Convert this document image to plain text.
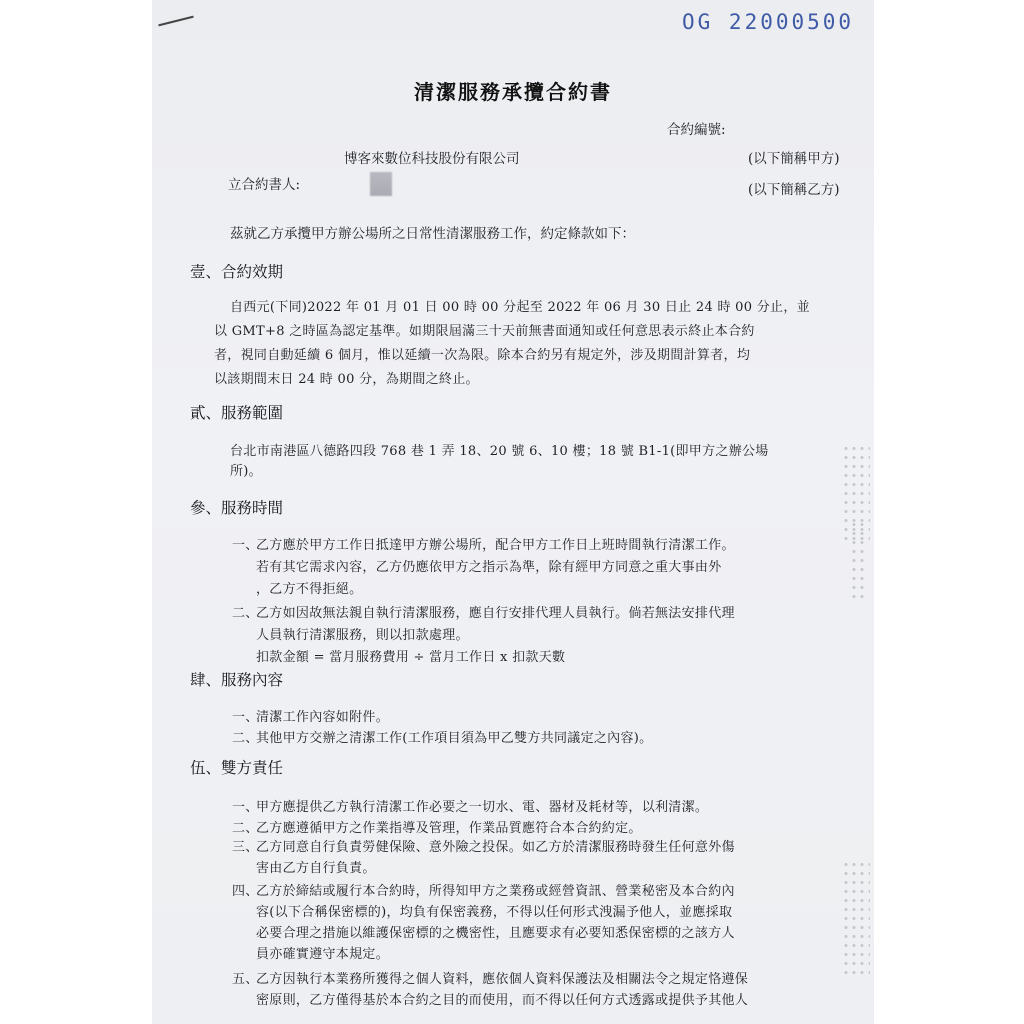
OG 22000500
清潔服務承攬合約書
合約編號:
博客來數位科技股份有限公司	(以下簡稱甲方)
立合約書人:	(以下簡稱乙方)
茲就乙方承攬甲方辦公場所之日常性清潔服務工作，約定條款如下：
壹、合約效期
自西元(下同)2022 年 01 月 01 日 00 時 00 分起至 2022 年 06 月 30 日止 24 時 00 分止，並
以 GMT+8 之時區為認定基準。如期限屆滿三十天前無書面通知或任何意思表示終止本合約
者，視同自動延續 6 個月，惟以延續一次為限。除本合約另有規定外，涉及期間計算者，均
以該期間末日 24 時 00 分，為期間之終止。
貳、服務範圍
台北市南港區八德路四段 768 巷 1 弄 18、20 號 6、10 樓；18 號 B1-1(即甲方之辦公場
所)。
參、服務時間
一、
乙方應於甲方工作日抵達甲方辦公場所，配合甲方工作日上班時間執行清潔工作。
若有其它需求內容，乙方仍應依甲方之指示為準，除有經甲方同意之重大事由外
，乙方不得拒絕。
二、
乙方如因故無法親自執行清潔服務，應自行安排代理人員執行。倘若無法安排代理
人員執行清潔服務，則以扣款處理。
扣款金額 = 當月服務費用 ÷ 當月工作日 x 扣款天數
肆、服務內容
一、
清潔工作內容如附件。
二、
其他甲方交辦之清潔工作(工作項目須為甲乙雙方共同議定之內容)。
伍、雙方責任
一、
甲方應提供乙方執行清潔工作必要之一切水、電、器材及耗材等，以利清潔。
二、
乙方應遵循甲方之作業指導及管理，作業品質應符合本合約約定。
三、
乙方同意自行負責勞健保險、意外險之投保。如乙方於清潔服務時發生任何意外傷
害由乙方自行負責。
四、
乙方於締結或履行本合約時，所得知甲方之業務或經營資訊、營業秘密及本合約內
容(以下合稱保密標的)，均負有保密義務，不得以任何形式洩漏予他人，並應採取
必要合理之措施以維護保密標的之機密性，且應要求有必要知悉保密標的之該方人
員亦確實遵守本規定。
五、
乙方因執行本業務所獲得之個人資料，應依個人資料保護法及相關法令之規定恪遵保
密原則，乙方僅得基於本合約之目的而使用，而不得以任何方式透露或提供予其他人
